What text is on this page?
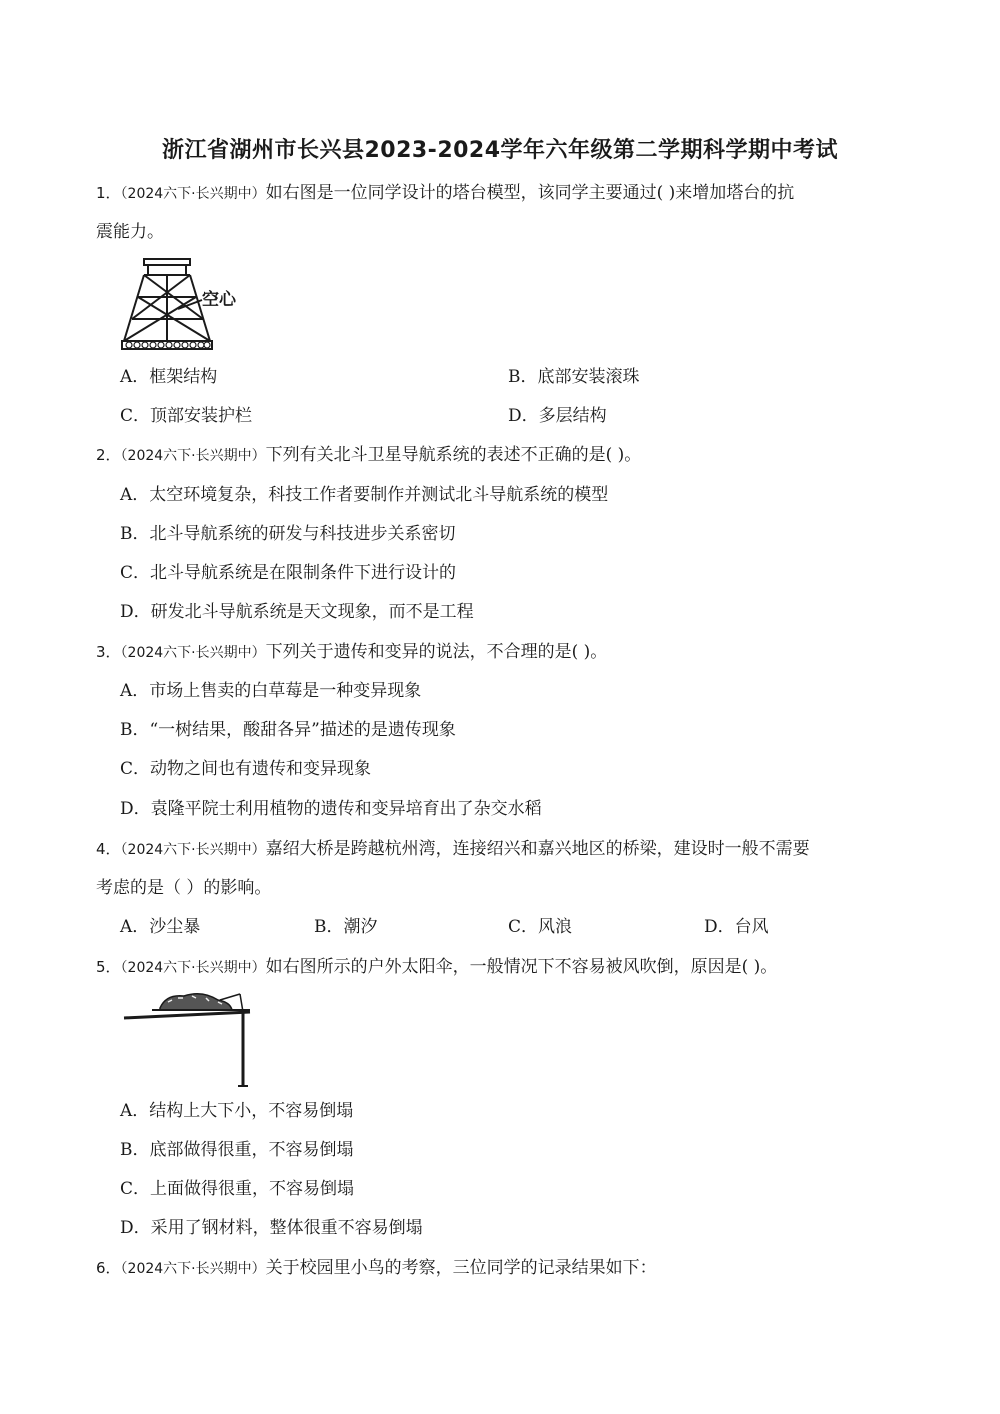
浙江省湖州市长兴县2023-2024学年六年级第二学期科学期中考试
1．（2024六下·长兴期中）如右图是一位同学设计的塔台模型，该同学主要通过( )来增加塔台的抗
震能力。
空心
A．框架结构	B．底部安装滚珠
C．顶部安装护栏	D．多层结构
2．（2024六下·长兴期中）下列有关北斗卫星导航系统的表述不正确的是( )。
A．太空环境复杂，科技工作者要制作并测试北斗导航系统的模型
B．北斗导航系统的研发与科技进步关系密切
C．北斗导航系统是在限制条件下进行设计的
D．研发北斗导航系统是天文现象，而不是工程
3．（2024六下·长兴期中）下列关于遗传和变异的说法，不合理的是( )。
A．市场上售卖的白草莓是一种变异现象
B．“一树结果，酸甜各异”描述的是遗传现象
C．动物之间也有遗传和变异现象
D．袁隆平院士利用植物的遗传和变异培育出了杂交水稻
4．（2024六下·长兴期中）嘉绍大桥是跨越杭州湾，连接绍兴和嘉兴地区的桥梁，建设时一般不需要
考虑的是（ ）的影响。
A．沙尘暴	B．潮汐	C．风浪	D．台风
5．（2024六下·长兴期中）如右图所示的户外太阳伞，一般情况下不容易被风吹倒，原因是( )。
A．结构上大下小，不容易倒塌
B．底部做得很重，不容易倒塌
C．上面做得很重，不容易倒塌
D．采用了钢材料，整体很重不容易倒塌
6．（2024六下·长兴期中）关于校园里小鸟的考察，三位同学的记录结果如下：
